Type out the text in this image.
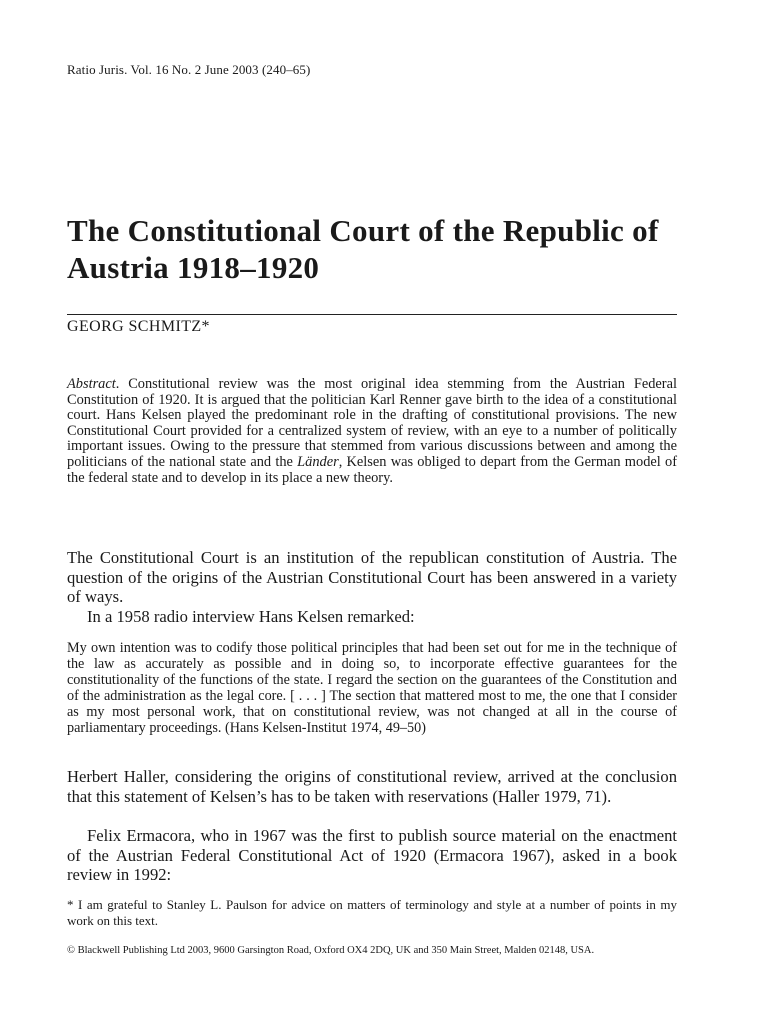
Ratio Juris. Vol. 16 No. 2 June 2003 (240–65)
The Constitutional Court of the Republic of Austria 1918–1920
GEORG SCHMITZ*

Abstract. Constitutional review was the most original idea stemming from the Austrian Federal Constitution of 1920. It is argued that the politician Karl Renner gave birth to the idea of a constitutional court. Hans Kelsen played the predominant role in the drafting of constitutional provisions. The new Constitutional Court provided for a centralized system of review, with an eye to a number of politically important issues. Owing to the pressure that stemmed from various discussions between and among the politicians of the national state and the Länder, Kelsen was obliged to depart from the German model of the federal state and to develop in its place a new theory.

The Constitutional Court is an institution of the republican constitution of Austria. The question of the origins of the Austrian Constitutional Court has been answered in a variety of ways.

In a 1958 radio interview Hans Kelsen remarked:

My own intention was to codify those political principles that had been set out for me in the technique of the law as accurately as possible and in doing so, to incorporate effective guarantees for the constitutionality of the functions of the state. I regard the section on the guarantees of the Constitution and of the administration as the legal core. [ . . . ] The section that mattered most to me, the one that I consider as my most personal work, that on constitutional review, was not changed at all in the course of parliamentary proceedings. (Hans Kelsen-Institut 1974, 49–50)

Herbert Haller, considering the origins of constitutional review, arrived at the conclusion that this statement of Kelsen’s has to be taken with reservations (Haller 1979, 71).

Felix Ermacora, who in 1967 was the first to publish source material on the enactment of the Austrian Federal Constitutional Act of 1920 (Ermacora 1967), asked in a book review in 1992:

* I am grateful to Stanley L. Paulson for advice on matters of terminology and style at a number of points in my work on this text.

© Blackwell Publishing Ltd 2003, 9600 Garsington Road, Oxford OX4 2DQ, UK and 350 Main Street, Malden 02148, USA.
